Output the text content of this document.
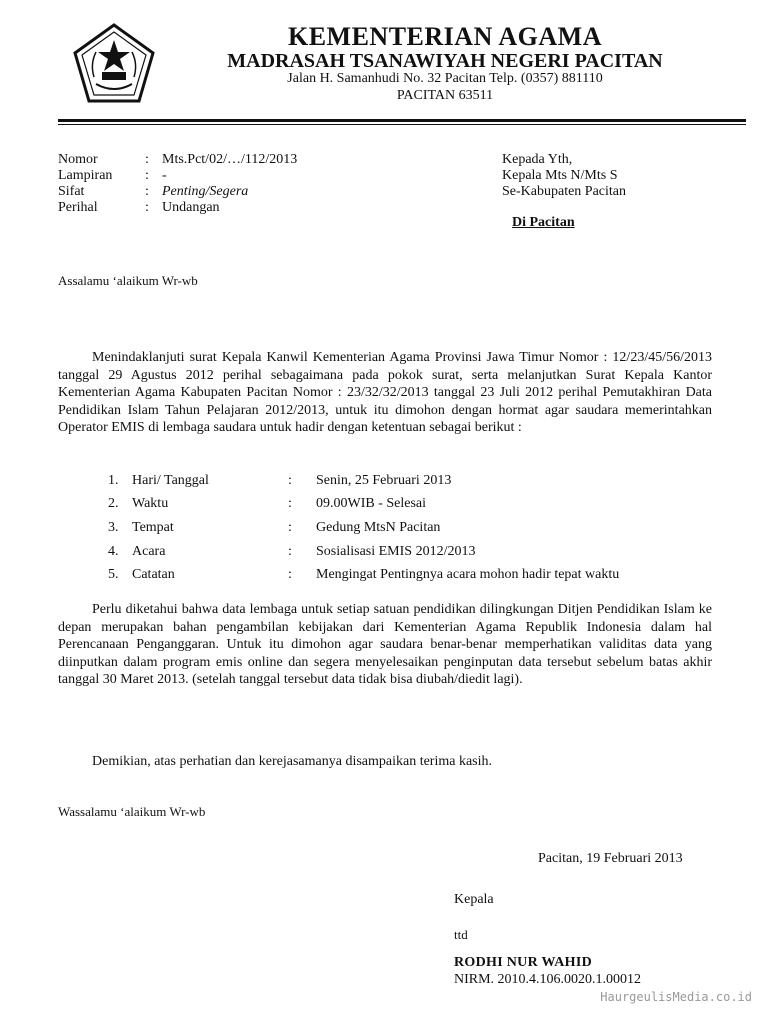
KEMENTERIAN AGAMA
MADRASAH TSANAWIYAH NEGERI PACITAN
Jalan H. Samanhudi No. 32 Pacitan Telp. (0357) 881110
PACITAN 63511
Nomor	: Mts.Pct/02/…/112/2013
Lampiran	: -
Sifat	: Penting/Segera
Perihal	: Undangan
Kepada Yth,
Kepala Mts N/Mts S
Se-Kabupaten Pacitan
Di Pacitan
Assalamu ‘alaikum Wr-wb
Menindaklanjuti surat Kepala Kanwil Kementerian Agama Provinsi Jawa Timur Nomor : 12/23/45/56/2013 tanggal 29 Agustus 2012 perihal sebagaimana pada pokok surat, serta melanjutkan Surat Kepala Kantor Kementerian Agama Kabupaten Pacitan Nomor : 23/32/32/2013 tanggal 23 Juli 2012 perihal Pemutakhiran Data Pendidikan Islam Tahun Pelajaran 2012/2013, untuk itu dimohon dengan hormat agar saudara memerintahkan Operator EMIS di lembaga saudara untuk hadir dengan ketentuan sebagai berikut :
1. Hari/ Tanggal	:	Senin, 25 Februari 2013
2. Waktu	:	09.00WIB - Selesai
3. Tempat	:	Gedung MtsN Pacitan
4. Acara	:	Sosialisasi EMIS 2012/2013
5. Catatan	:	Mengingat Pentingnya acara mohon hadir tepat waktu
Perlu diketahui bahwa data lembaga untuk setiap satuan pendidikan dilingkungan Ditjen Pendidikan Islam ke depan merupakan bahan pengambilan kebijakan dari Kementerian Agama Republik Indonesia dalam hal Perencanaan Penganggaran. Untuk itu dimohon agar saudara benar-benar memperhatikan validitas data yang diinputkan dalam program emis online dan segera menyelesaikan penginputan data tersebut sebelum batas akhir tanggal 30 Maret 2013. (setelah tanggal tersebut data tidak bisa diubah/diedit lagi).
Demikian, atas perhatian dan kerejasamanya disampaikan terima kasih.
Wassalamu ‘alaikum Wr-wb
Pacitan, 19 Februari 2013
Kepala
ttd
RODHI NUR WAHID
NIRM. 2010.4.106.0020.1.00012
HaurgeulisMedia.co.id
